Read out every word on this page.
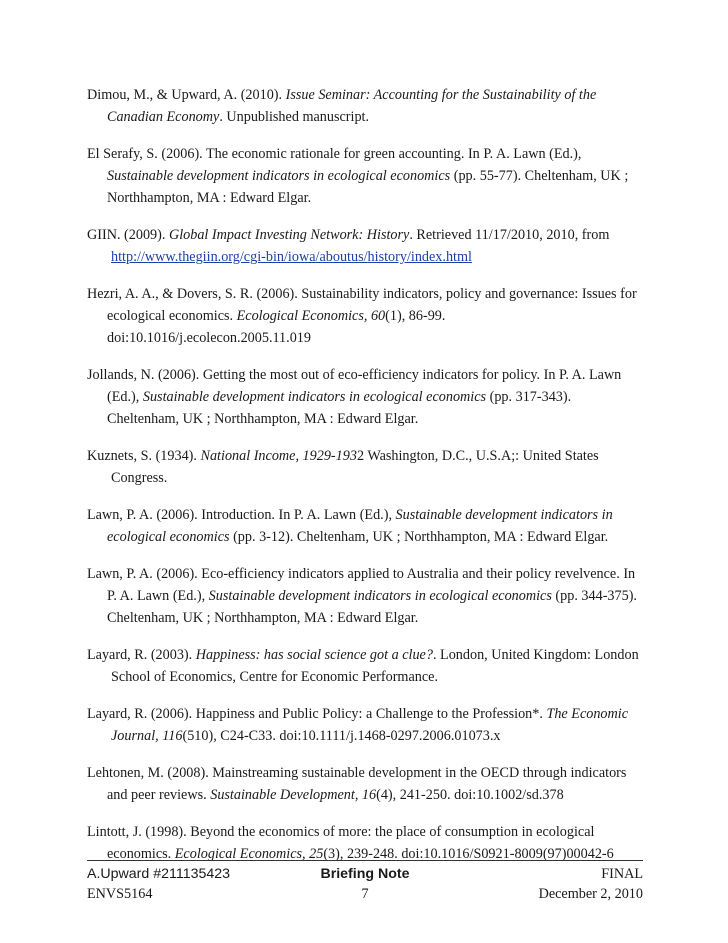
Dimou, M., & Upward, A. (2010). Issue Seminar: Accounting for the Sustainability of the Canadian Economy. Unpublished manuscript.

El Serafy, S. (2006). The economic rationale for green accounting. In P. A. Lawn (Ed.), Sustainable development indicators in ecological economics (pp. 55-77). Cheltenham, UK ; Northhampton, MA : Edward Elgar.

GIIN. (2009). Global Impact Investing Network: History. Retrieved 11/17/2010, 2010, from http://www.thegiin.org/cgi-bin/iowa/aboutus/history/index.html

Hezri, A. A., & Dovers, S. R. (2006). Sustainability indicators, policy and governance: Issues for ecological economics. Ecological Economics, 60(1), 86-99. doi:10.1016/j.ecolecon.2005.11.019

Jollands, N. (2006). Getting the most out of eco-efficiency indicators for policy. In P. A. Lawn (Ed.), Sustainable development indicators in ecological economics (pp. 317-343). Cheltenham, UK ; Northhampton, MA : Edward Elgar.

Kuznets, S. (1934). National Income, 1929-1932 Washington, D.C., U.S.A;: United States Congress.

Lawn, P. A. (2006). Introduction. In P. A. Lawn (Ed.), Sustainable development indicators in ecological economics (pp. 3-12). Cheltenham, UK ; Northhampton, MA : Edward Elgar.

Lawn, P. A. (2006). Eco-efficiency indicators applied to Australia and their policy revelvence. In P. A. Lawn (Ed.), Sustainable development indicators in ecological economics (pp. 344-375). Cheltenham, UK ; Northhampton, MA : Edward Elgar.

Layard, R. (2003). Happiness: has social science got a clue?. London, United Kingdom: London School of Economics, Centre for Economic Performance.

Layard, R. (2006). Happiness and Public Policy: a Challenge to the Profession*. The Economic Journal, 116(510), C24-C33. doi:10.1111/j.1468-0297.2006.01073.x

Lehtonen, M. (2008). Mainstreaming sustainable development in the OECD through indicators and peer reviews. Sustainable Development, 16(4), 241-250. doi:10.1002/sd.378

Lintott, J. (1998). Beyond the economics of more: the place of consumption in ecological economics. Ecological Economics, 25(3), 239-248. doi:10.1016/S0921-8009(97)00042-6

A.Upward #211135423	Briefing Note	FINAL
ENVS5164	7	December 2, 2010
